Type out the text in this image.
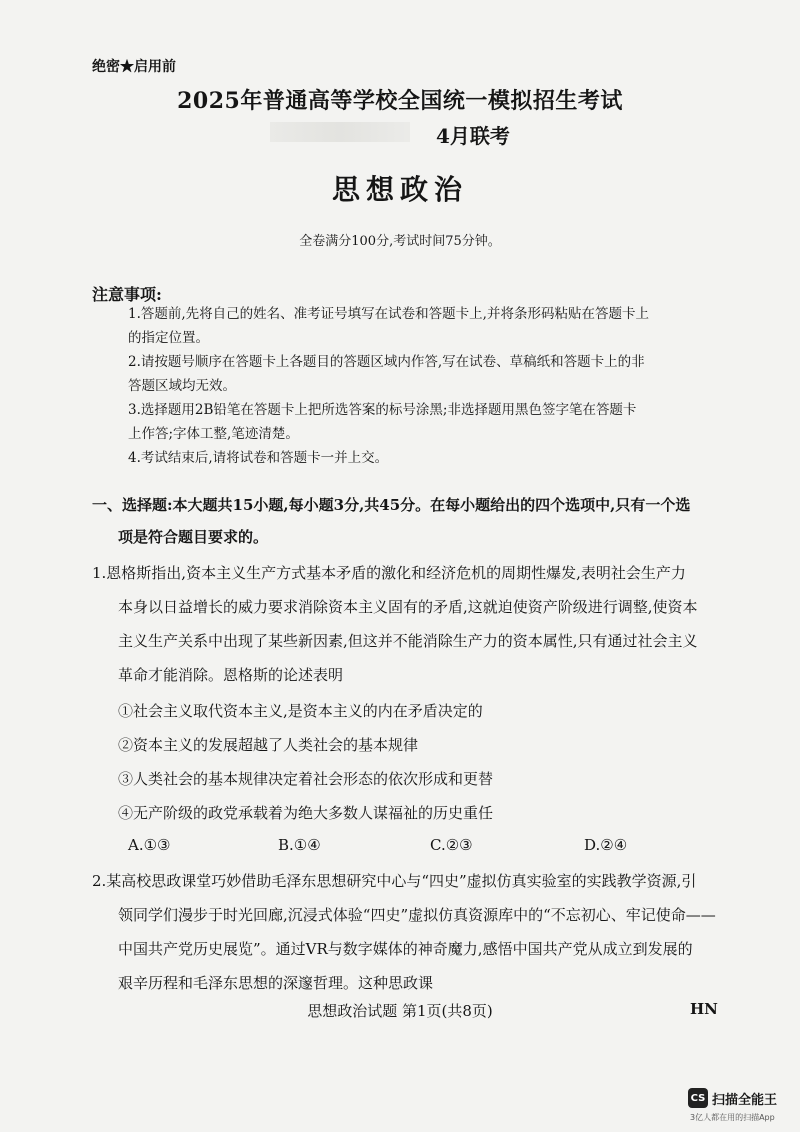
绝密★启用前
2025年普通高等学校全国统一模拟招生考试
4月联考
思想政治
全卷满分100分,考试时间75分钟。
注意事项:
1.答题前,先将自己的姓名、准考证号填写在试卷和答题卡上,并将条形码粘贴在答题卡上
的指定位置。
2.请按题号顺序在答题卡上各题目的答题区域内作答,写在试卷、草稿纸和答题卡上的非
答题区域均无效。
3.选择题用2B铅笔在答题卡上把所选答案的标号涂黑;非选择题用黑色签字笔在答题卡
上作答;字体工整,笔迹清楚。
4.考试结束后,请将试卷和答题卡一并上交。
一、选择题:本大题共15小题,每小题3分,共45分。在每小题给出的四个选项中,只有一个选
项是符合题目要求的。
1.恩格斯指出,资本主义生产方式基本矛盾的激化和经济危机的周期性爆发,表明社会生产力
本身以日益增长的威力要求消除资本主义固有的矛盾,这就迫使资产阶级进行调整,使资本
主义生产关系中出现了某些新因素,但这并不能消除生产力的资本属性,只有通过社会主义
革命才能消除。恩格斯的论述表明
①社会主义取代资本主义,是资本主义的内在矛盾决定的
②资本主义的发展超越了人类社会的基本规律
③人类社会的基本规律决定着社会形态的依次形成和更替
④无产阶级的政党承载着为绝大多数人谋福祉的历史重任
A.①③	B.①④	C.②③	D.②④
2.某高校思政课堂巧妙借助毛泽东思想研究中心与“四史”虚拟仿真实验室的实践教学资源,引
领同学们漫步于时光回廊,沉浸式体验“四史”虚拟仿真资源库中的“不忘初心、牢记使命——
中国共产党历史展览”。通过VR与数字媒体的神奇魔力,感悟中国共产党从成立到发展的
艰辛历程和毛泽东思想的深邃哲理。这种思政课
思想政治试题 第1页(共8页)	HN
CS 扫描全能王
3亿人都在用的扫描App
